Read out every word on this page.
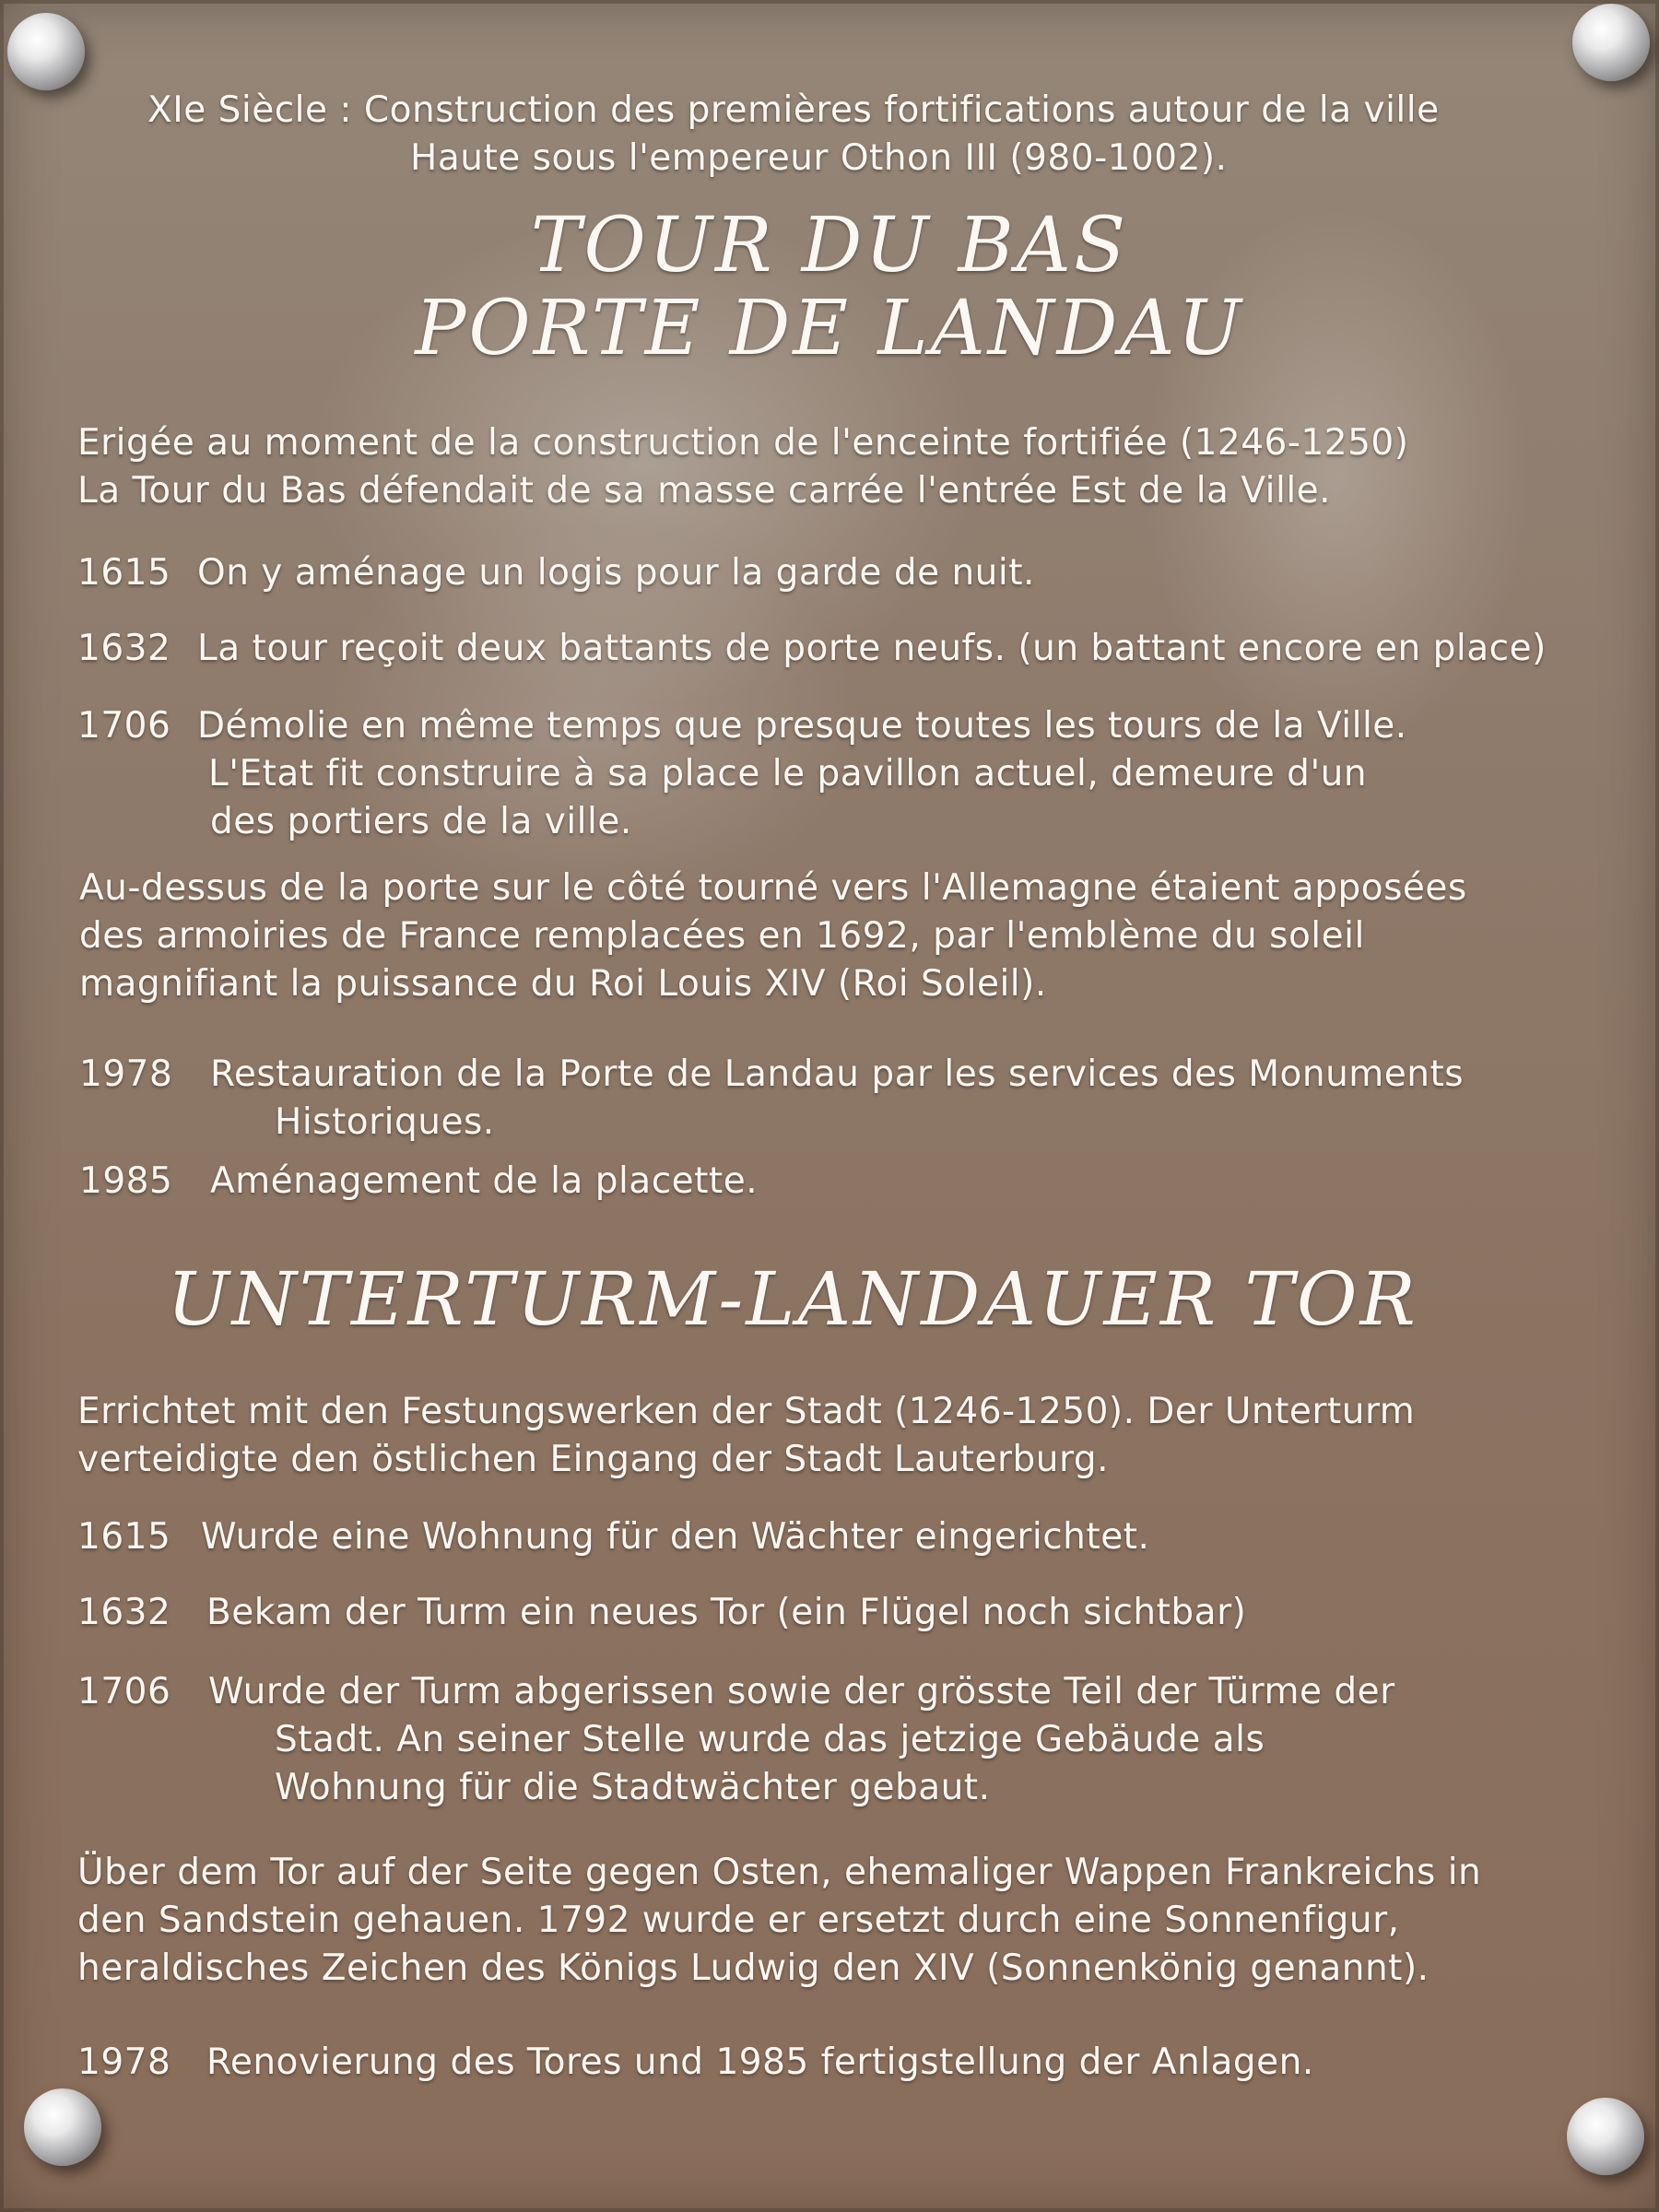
XIe Siècle : Construction des premières fortifications autour de la ville
Haute sous l'empereur Othon III (980-1002).
TOUR DU BAS
PORTE DE LANDAU
Erigée au moment de la construction de l'enceinte fortifiée (1246-1250)
La Tour du Bas défendait de sa masse carrée l'entrée Est de la Ville.
1615 On y aménage un logis pour la garde de nuit.
1632 La tour reçoit deux battants de porte neufs. (un battant encore en place)
1706 Démolie en même temps que presque toutes les tours de la Ville.
L'Etat fit construire à sa place le pavillon actuel, demeure d'un
des portiers de la ville.
Au-dessus de la porte sur le côté tourné vers l'Allemagne étaient apposées
des armoiries de France remplacées en 1692, par l'emblème du soleil
magnifiant la puissance du Roi Louis XIV (Roi Soleil).
1978 Restauration de la Porte de Landau par les services des Monuments
Historiques.
1985 Aménagement de la placette.
UNTERTURM-LANDAUER TOR
Errichtet mit den Festungswerken der Stadt (1246-1250). Der Unterturm
verteidigte den östlichen Eingang der Stadt Lauterburg.
1615 Wurde eine Wohnung für den Wächter eingerichtet.
1632 Bekam der Turm ein neues Tor (ein Flügel noch sichtbar)
1706 Wurde der Turm abgerissen sowie der grösste Teil der Türme der
Stadt. An seiner Stelle wurde das jetzige Gebäude als
Wohnung für die Stadtwächter gebaut.
Über dem Tor auf der Seite gegen Osten, ehemaliger Wappen Frankreichs in
den Sandstein gehauen. 1792 wurde er ersetzt durch eine Sonnenfigur,
heraldisches Zeichen des Königs Ludwig den XIV (Sonnenkönig genannt).
1978 Renovierung des Tores und 1985 fertigstellung der Anlagen.
